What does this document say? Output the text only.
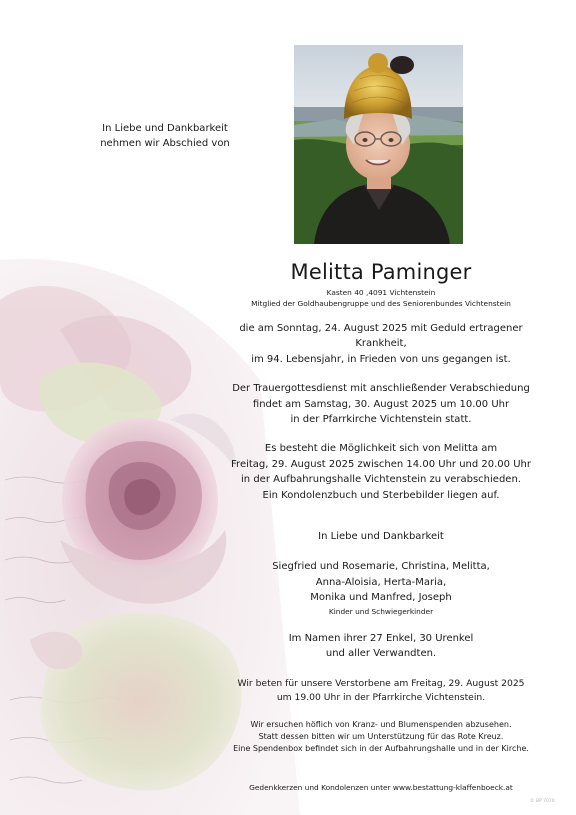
In Liebe und Dankbarkeit
nehmen wir Abschied von
Melitta Paminger
Kasten 40 ,4091 Vichtenstein
Mitglied der Goldhaubengruppe und des Seniorenbundes Vichtenstein
die am Sonntag, 24. August 2025 mit Geduld ertragener Krankheit,
im 94. Lebensjahr, in Frieden von uns gegangen ist.
Der Trauergottesdienst mit anschließender Verabschiedung
findet am Samstag, 30. August 2025 um 10.00 Uhr
in der Pfarrkirche Vichtenstein statt.
Es besteht die Möglichkeit sich von Melitta am
Freitag, 29. August 2025 zwischen 14.00 Uhr und 20.00 Uhr
in der Aufbahrungshalle Vichtenstein zu verabschieden.
Ein Kondolenzbuch und Sterbebilder liegen auf.
In Liebe und Dankbarkeit
Siegfried und Rosemarie, Christina, Melitta,
Anna-Aloisia, Herta-Maria,
Monika und Manfred, Joseph
Kinder und Schwiegerkinder
Im Namen ihrer 27 Enkel, 30 Urenkel
und aller Verwandten.
Wir beten für unsere Verstorbene am Freitag, 29. August 2025
um 19.00 Uhr in der Pfarrkirche Vichtenstein.
Wir ersuchen höflich von Kranz- und Blumenspenden abzusehen.
Statt dessen bitten wir um Unterstützung für das Rote Kreuz.
Eine Spendenbox befindet sich in der Aufbahrungshalle und in der Kirche.
Gedenkkerzen und Kondolenzen unter www.bestattung-klaffenboeck.at
© BP 7070
